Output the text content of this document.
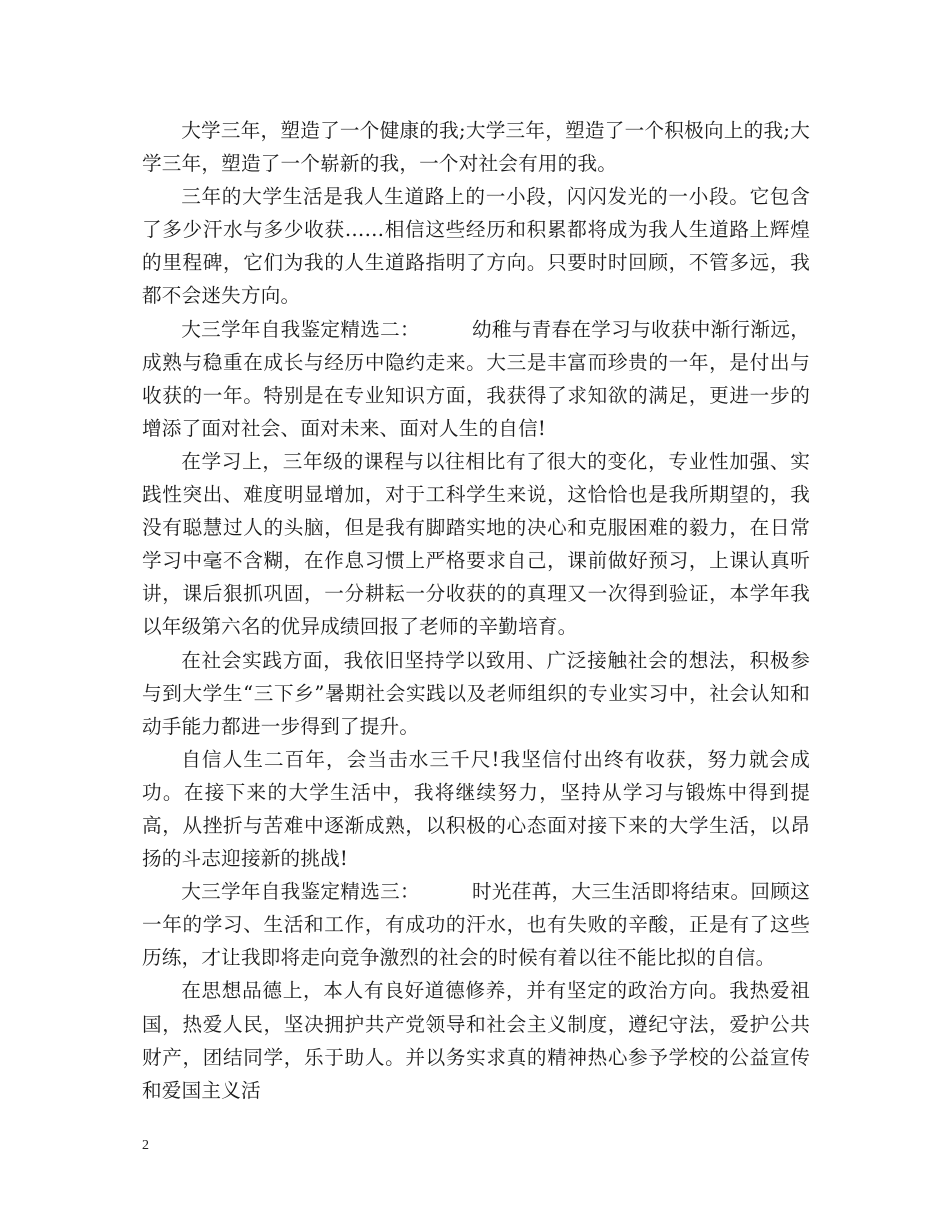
大学三年，塑造了一个健康的我;大学三年，塑造了一个积极向上的我;大学三年，塑造了一个崭新的我，一个对社会有用的我。

三年的大学生活是我人生道路上的一小段，闪闪发光的一小段。它包含了多少汗水与多少收获……相信这些经历和积累都将成为我人生道路上辉煌的里程碑，它们为我的人生道路指明了方向。只要时时回顾，不管多远，我都不会迷失方向。

大三学年自我鉴定精选二：	幼稚与青春在学习与收获中渐行渐远，成熟与稳重在成长与经历中隐约走来。大三是丰富而珍贵的一年，是付出与收获的一年。特别是在专业知识方面，我获得了求知欲的满足，更进一步的增添了面对社会、面对未来、面对人生的自信!

在学习上，三年级的课程与以往相比有了很大的变化，专业性加强、实践性突出、难度明显增加，对于工科学生来说，这恰恰也是我所期望的，我没有聪慧过人的头脑，但是我有脚踏实地的决心和克服困难的毅力，在日常学习中毫不含糊，在作息习惯上严格要求自己，课前做好预习，上课认真听讲，课后狠抓巩固，一分耕耘一分收获的的真理又一次得到验证，本学年我以年级第六名的优异成绩回报了老师的辛勤培育。

在社会实践方面，我依旧坚持学以致用、广泛接触社会的想法，积极参与到大学生“三下乡”暑期社会实践以及老师组织的专业实习中，社会认知和动手能力都进一步得到了提升。

自信人生二百年，会当击水三千尺!我坚信付出终有收获，努力就会成功。在接下来的大学生活中，我将继续努力，坚持从学习与锻炼中得到提高，从挫折与苦难中逐渐成熟，以积极的心态面对接下来的大学生活，以昂扬的斗志迎接新的挑战!

大三学年自我鉴定精选三：	时光荏苒，大三生活即将结束。回顾这一年的学习、生活和工作，有成功的汗水，也有失败的辛酸，正是有了这些历练，才让我即将走向竞争激烈的社会的时候有着以往不能比拟的自信。

在思想品德上，本人有良好道德修养，并有坚定的政治方向。我热爱祖国，热爱人民，坚决拥护共产党领导和社会主义制度，遵纪守法，爱护公共财产，团结同学，乐于助人。并以务实求真的精神热心参予学校的公益宣传和爱国主义活

2
